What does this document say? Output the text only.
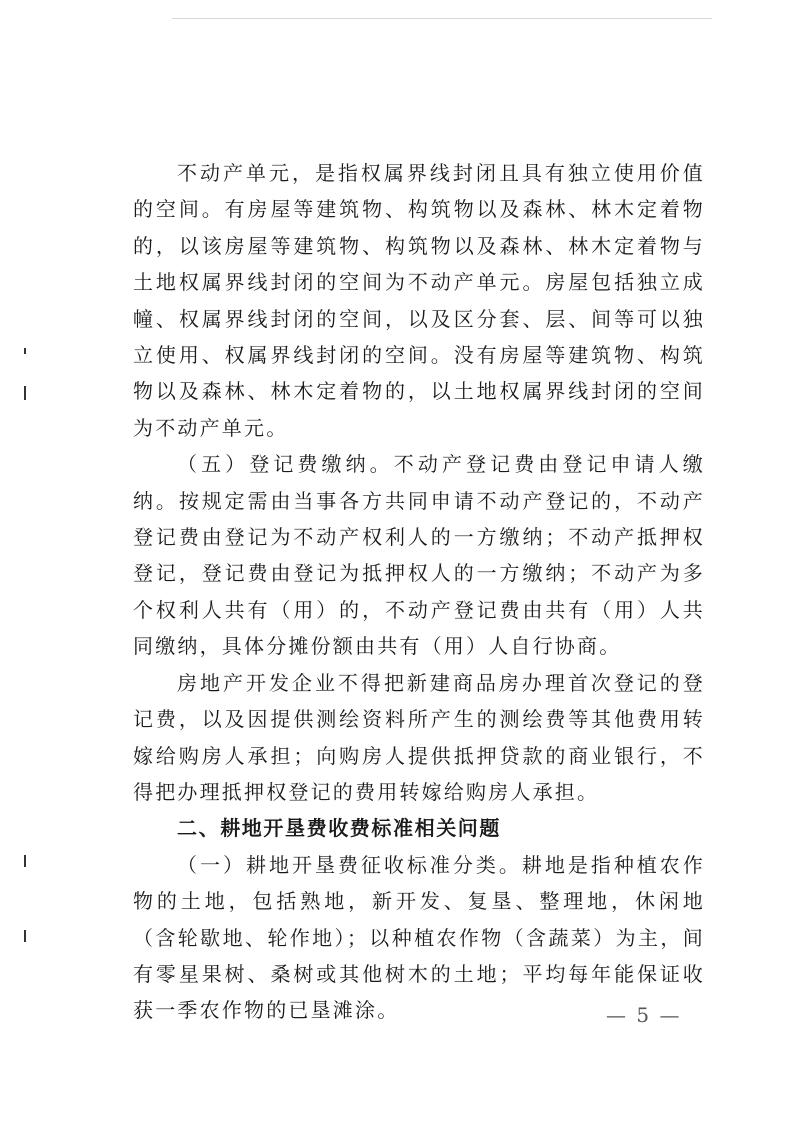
不动产单元，是指权属界线封闭且具有独立使用价值的空间。有房屋等建筑物、构筑物以及森林、林木定着物的，以该房屋等建筑物、构筑物以及森林、林木定着物与土地权属界线封闭的空间为不动产单元。房屋包括独立成幢、权属界线封闭的空间，以及区分套、层、间等可以独立使用、权属界线封闭的空间。没有房屋等建筑物、构筑物以及森林、林木定着物的，以土地权属界线封闭的空间为不动产单元。

（五）登记费缴纳。不动产登记费由登记申请人缴纳。按规定需由当事各方共同申请不动产登记的，不动产登记费由登记为不动产权利人的一方缴纳；不动产抵押权登记，登记费由登记为抵押权人的一方缴纳；不动产为多个权利人共有（用）的，不动产登记费由共有（用）人共同缴纳，具体分摊份额由共有（用）人自行协商。

房地产开发企业不得把新建商品房办理首次登记的登记费，以及因提供测绘资料所产生的测绘费等其他费用转嫁给购房人承担；向购房人提供抵押贷款的商业银行，不得把办理抵押权登记的费用转嫁给购房人承担。

二、耕地开垦费收费标准相关问题

（一）耕地开垦费征收标准分类。耕地是指种植农作物的土地，包括熟地，新开发、复垦、整理地，休闲地（含轮歇地、轮作地）；以种植农作物（含蔬菜）为主，间有零星果树、桑树或其他树木的土地；平均每年能保证收获一季农作物的已垦滩涂。	— 5 —
